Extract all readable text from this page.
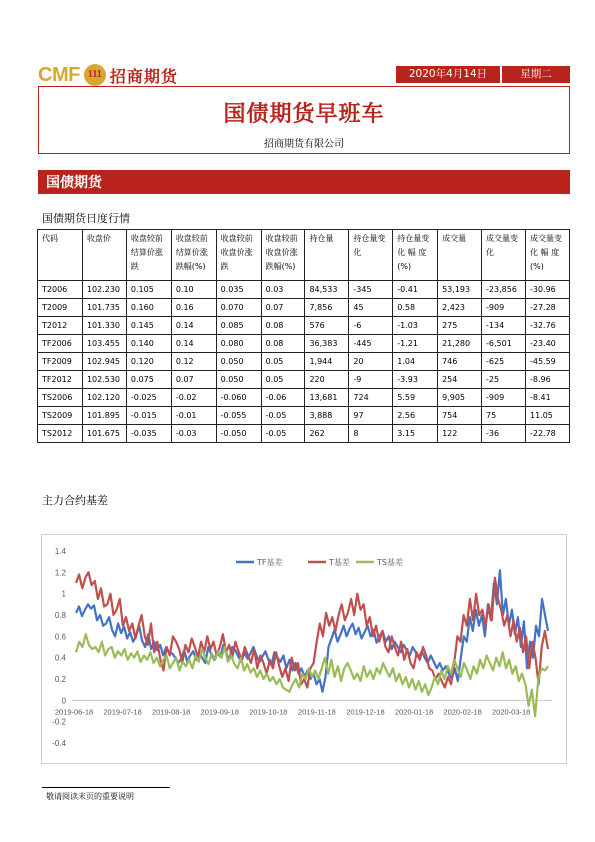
CMF 111 招商期货	2020年4月14日	星期二
国债期货早班车
招商期货有限公司
国债期货
国债期货日度行情
代码	收盘价	收盘较前结算价涨跌	收盘较前结算价涨跌幅(%)	收盘较前收盘价涨跌	收盘较前收盘价涨跌幅(%)	持仓量	持仓量变化	持仓量变化 幅 度(%)	成交量	成交量变化	成交量变化 幅 度(%)
T2006	102.230	0.105	0.10	0.035	0.03	84,533	-345	-0.41	53,193	-23,856	-30.96
T2009	101.735	0.160	0.16	0.070	0.07	7,856	45	0.58	2,423	-909	-27.28
T2012	101.330	0.145	0.14	0.085	0.08	576	-6	-1.03	275	-134	-32.76
TF2006	103.455	0.140	0.14	0.080	0.08	36,383	-445	-1.21	21,280	-6,501	-23.40
TF2009	102.945	0.120	0.12	0.050	0.05	1,944	20	1.04	746	-625	-45.59
TF2012	102.530	0.075	0.07	0.050	0.05	220	-9	-3.93	254	-25	-8.96
TS2006	102.120	-0.025	-0.02	-0.060	-0.06	13,681	724	5.59	9,905	-909	-8.41
TS2009	101.895	-0.015	-0.01	-0.055	-0.05	3,888	97	2.56	754	75	11.05
TS2012	101.675	-0.035	-0.03	-0.050	-0.05	262	8	3.15	122	-36	-22.78
主力合约基差
-0.4
-0.2
0
0.2
0.4
0.6
0.8
1
1.2
1.4
2019-06-18 2019-07-18 2019-08-18 2019-09-18 2019-10-18 2019-11-18 2019-12-18 2020-01-18 2020-02-18 2020-03-18
TF基差	T基差	TS基差
敬请阅读末页的重要说明
